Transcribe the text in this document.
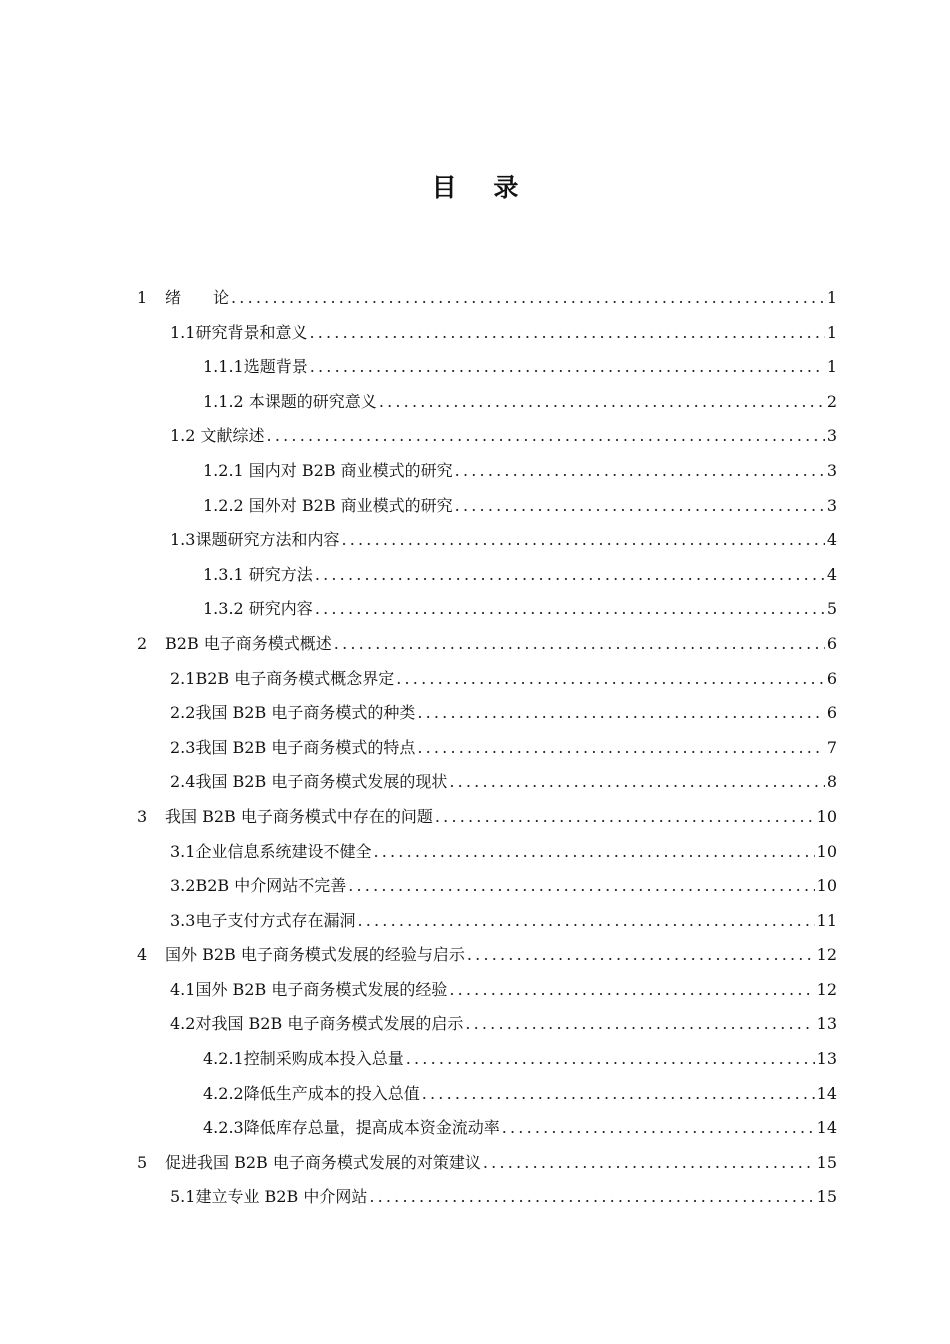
目 录
1	绪　　论 .....	1
1.1研究背景和意义 .....	1
1.1.1选题背景 .....	1
1.1.2 本课题的研究意义 .....	2
1.2 文献综述 .....	3
1.2.1 国内对 B2B 商业模式的研究 .....	3
1.2.2 国外对 B2B 商业模式的研究 .....	3
1.3课题研究方法和内容 .....	4
1.3.1 研究方法 .....	4
1.3.2 研究内容 .....	5
2	B2B 电子商务模式概述 .....	6
2.1B2B 电子商务模式概念界定 .....	6
2.2我国 B2B 电子商务模式的种类 .....	6
2.3我国 B2B 电子商务模式的特点 .....	7
2.4我国 B2B 电子商务模式发展的现状 .....	8
3	我国 B2B 电子商务模式中存在的问题 .....	10
3.1企业信息系统建设不健全 .....	10
3.2B2B 中介网站不完善 .....	10
3.3电子支付方式存在漏洞 .....	11
4	国外 B2B 电子商务模式发展的经验与启示 .....	12
4.1国外 B2B 电子商务模式发展的经验 .....	12
4.2对我国 B2B 电子商务模式发展的启示 .....	13
4.2.1控制采购成本投入总量 .....	13
4.2.2降低生产成本的投入总值 .....	14
4.2.3降低库存总量，提高成本资金流动率 .....	14
5	促进我国 B2B 电子商务模式发展的对策建议 .....	15
5.1建立专业 B2B 中介网站 .....	15
